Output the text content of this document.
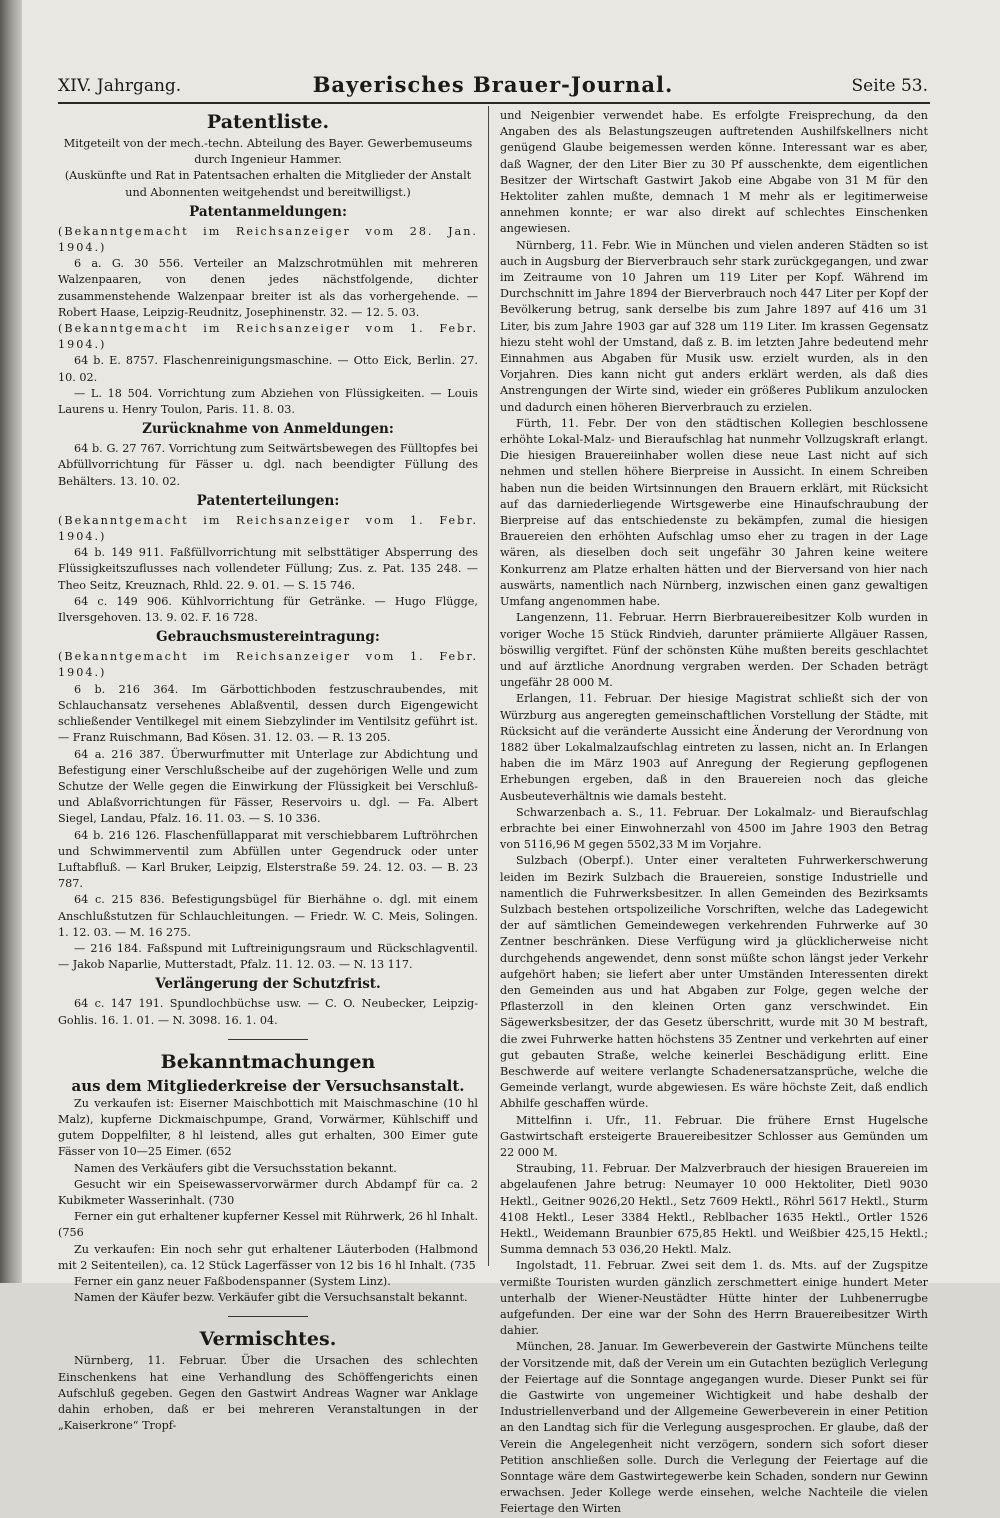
XIV. Jahrgang.	Bayerisches Brauer-Journal.	Seite 53.
Patentliste.

Mitgeteilt von der mech.-techn. Abteilung des Bayer. Gewerbemuseums durch Ingenieur Hammer.

(Auskünfte und Rat in Patentsachen erhalten die Mitglieder der Anstalt und Abonnenten weitgehendst und bereitwilligst.)

Patentanmeldungen:

(Bekanntgemacht im Reichsanzeiger vom 28. Jan. 1904.)

6 a. G. 30 556. Verteiler an Malzschrotmühlen mit mehreren Walzenpaaren, von denen jedes nächstfolgende, dichter zusammenstehende Walzenpaar breiter ist als das vorhergehende. — Robert Haase, Leipzig-Reudnitz, Josephinenstr. 32. — 12. 5. 03.

(Bekanntgemacht im Reichsanzeiger vom 1. Febr. 1904.)

64 b. E. 8757. Flaschenreinigungsmaschine. — Otto Eick, Berlin. 27. 10. 02.

— L. 18 504. Vorrichtung zum Abziehen von Flüssigkeiten. — Louis Laurens u. Henry Toulon, Paris. 11. 8. 03.

Zurücknahme von Anmeldungen:

64 b. G. 27 767. Vorrichtung zum Seitwärtsbewegen des Fülltopfes bei Abfüllvorrichtung für Fässer u. dgl. nach beendigter Füllung des Behälters. 13. 10. 02.

Patenterteilungen:

(Bekanntgemacht im Reichsanzeiger vom 1. Febr. 1904.)

64 b. 149 911. Faßfüllvorrichtung mit selbsttätiger Absperrung des Flüssigkeitszuflusses nach vollendeter Füllung; Zus. z. Pat. 135 248. — Theo Seitz, Kreuznach, Rhld. 22. 9. 01. — S. 15 746.

64 c. 149 906. Kühlvorrichtung für Getränke. — Hugo Flügge, Ilversgehoven. 13. 9. 02. F. 16 728.

Gebrauchsmustereintragung:

(Bekanntgemacht im Reichsanzeiger vom 1. Febr. 1904.)

6 b. 216 364. Im Gärbottichboden festzuschraubendes, mit Schlauchansatz versehenes Ablaßventil, dessen durch Eigengewicht schließender Ventilkegel mit einem Siebzylinder im Ventilsitz geführt ist. — Franz Ruischmann, Bad Kösen. 31. 12. 03. — R. 13 205.

64 a. 216 387. Überwurfmutter mit Unterlage zur Abdichtung und Befestigung einer Verschlußscheibe auf der zugehörigen Welle und zum Schutze der Welle gegen die Einwirkung der Flüssigkeit bei Verschluß- und Ablaßvorrichtungen für Fässer, Reservoirs u. dgl. — Fa. Albert Siegel, Landau, Pfalz. 16. 11. 03. — S. 10 336.

64 b. 216 126. Flaschenfüllapparat mit verschiebbarem Luftröhrchen und Schwimmerventil zum Abfüllen unter Gegendruck oder unter Luftabfluß. — Karl Bruker, Leipzig, Elsterstraße 59. 24. 12. 03. — B. 23 787.

64 c. 215 836. Befestigungsbügel für Bierhähne o. dgl. mit einem Anschlußstutzen für Schlauchleitungen. — Friedr. W. C. Meis, Solingen. 1. 12. 03. — M. 16 275.

— 216 184. Faßspund mit Luftreinigungsraum und Rückschlagventil. — Jakob Naparlie, Mutterstadt, Pfalz. 11. 12. 03. — N. 13 117.

Verlängerung der Schutzfrist.

64 c. 147 191. Spundlochbüchse usw. — C. O. Neubecker, Leipzig-Gohlis. 16. 1. 01. — N. 3098. 16. 1. 04.

Bekanntmachungen
aus dem Mitgliederkreise der Versuchsanstalt.

Zu verkaufen ist: Eiserner Maischbottich mit Maischmaschine (10 hl Malz), kupferne Dickmaischpumpe, Grand, Vorwärmer, Kühlschiff und gutem Doppelfilter, 8 hl leistend, alles gut erhalten, 300 Eimer gute Fässer von 10—25 Eimer. (652

Namen des Verkäufers gibt die Versuchsstation bekannt.

Gesucht wir ein Speisewasservorwärmer durch Abdampf für ca. 2 Kubikmeter Wasserinhalt. (730

Ferner ein gut erhaltener kupferner Kessel mit Rührwerk, 26 hl Inhalt. (756

Zu verkaufen: Ein noch sehr gut erhaltener Läuterboden (Halbmond mit 2 Seitenteilen), ca. 12 Stück Lagerfässer von 12 bis 16 hl Inhalt. (735

Ferner ein ganz neuer Faßbodenspanner (System Linz).

Namen der Käufer bezw. Verkäufer gibt die Versuchsanstalt bekannt.

Vermischtes.

Nürnberg, 11. Februar. Über die Ursachen des schlechten Einschenkens hat eine Verhandlung des Schöffengerichts einen Aufschluß gegeben. Gegen den Gastwirt Andreas Wagner war Anklage dahin erhoben, daß er bei mehreren Veranstaltungen in der „Kaiserkrone“ Tropf-

und Neigenbier verwendet habe. Es erfolgte Freisprechung, da den Angaben des als Belastungszeugen auftretenden Aushilfskellners nicht genügend Glaube beigemessen werden könne. Interessant war es aber, daß Wagner, der den Liter Bier zu 30 Pf ausschenkte, dem eigentlichen Besitzer der Wirtschaft Gastwirt Jakob eine Abgabe von 31 M für den Hektoliter zahlen mußte, demnach 1 M mehr als er legitimerweise annehmen konnte; er war also direkt auf schlechtes Einschenken angewiesen.

Nürnberg, 11. Febr. Wie in München und vielen anderen Städten so ist auch in Augsburg der Bierverbrauch sehr stark zurückgegangen, und zwar im Zeitraume von 10 Jahren um 119 Liter per Kopf. Während im Durchschnitt im Jahre 1894 der Bierverbrauch noch 447 Liter per Kopf der Bevölkerung betrug, sank derselbe bis zum Jahre 1897 auf 416 um 31 Liter, bis zum Jahre 1903 gar auf 328 um 119 Liter. Im krassen Gegensatz hiezu steht wohl der Umstand, daß z. B. im letzten Jahre bedeutend mehr Einnahmen aus Abgaben für Musik usw. erzielt wurden, als in den Vorjahren. Dies kann nicht gut anders erklärt werden, als daß dies Anstrengungen der Wirte sind, wieder ein größeres Publikum anzulocken und dadurch einen höheren Bierverbrauch zu erzielen.

Fürth, 11. Febr. Der von den städtischen Kollegien beschlossene erhöhte Lokal-Malz- und Bieraufschlag hat nunmehr Vollzugskraft erlangt. Die hiesigen Brauereiinhaber wollen diese neue Last nicht auf sich nehmen und stellen höhere Bierpreise in Aussicht. In einem Schreiben haben nun die beiden Wirtsinnungen den Brauern erklärt, mit Rücksicht auf das darniederliegende Wirtsgewerbe eine Hinaufschraubung der Bierpreise auf das entschiedenste zu bekämpfen, zumal die hiesigen Brauereien den erhöhten Aufschlag umso eher zu tragen in der Lage wären, als dieselben doch seit ungefähr 30 Jahren keine weitere Konkurrenz am Platze erhalten hätten und der Bierversand von hier nach auswärts, namentlich nach Nürnberg, inzwischen einen ganz gewaltigen Umfang angenommen habe.

Langenzenn, 11. Februar. Herrn Bierbrauereibesitzer Kolb wurden in voriger Woche 15 Stück Rindvieh, darunter prämiierte Allgäuer Rassen, böswillig vergiftet. Fünf der schönsten Kühe mußten bereits geschlachtet und auf ärztliche Anordnung vergraben werden. Der Schaden beträgt ungefähr 28 000 M.

Erlangen, 11. Februar. Der hiesige Magistrat schließt sich der von Würzburg aus angeregten gemeinschaftlichen Vorstellung der Städte, mit Rücksicht auf die veränderte Aussicht eine Änderung der Verordnung von 1882 über Lokalmalzaufschlag eintreten zu lassen, nicht an. In Erlangen haben die im März 1903 auf Anregung der Regierung gepflogenen Erhebungen ergeben, daß in den Brauereien noch das gleiche Ausbeuteverhältnis wie damals besteht.

Schwarzenbach a. S., 11. Februar. Der Lokalmalz- und Bieraufschlag erbrachte bei einer Einwohnerzahl von 4500 im Jahre 1903 den Betrag von 5116,96 M gegen 5502,33 M im Vorjahre.

Sulzbach (Oberpf.). Unter einer veralteten Fuhrwerkerschwerung leiden im Bezirk Sulzbach die Brauereien, sonstige Industrielle und namentlich die Fuhrwerksbesitzer. In allen Gemeinden des Bezirksamts Sulzbach bestehen ortspolizeiliche Vorschriften, welche das Ladegewicht der auf sämtlichen Gemeindewegen verkehrenden Fuhrwerke auf 30 Zentner beschränken. Diese Verfügung wird ja glücklicherweise nicht durchgehends angewendet, denn sonst müßte schon längst jeder Verkehr aufgehört haben; sie liefert aber unter Umständen Interessenten direkt den Gemeinden aus und hat Abgaben zur Folge, gegen welche der Pflasterzoll in den kleinen Orten ganz verschwindet. Ein Sägewerksbesitzer, der das Gesetz überschritt, wurde mit 30 M bestraft, die zwei Fuhrwerke hatten höchstens 35 Zentner und verkehrten auf einer gut gebauten Straße, welche keinerlei Beschädigung erlitt. Eine Beschwerde auf weitere verlangte Schadenersatzansprüche, welche die Gemeinde verlangt, wurde abgewiesen. Es wäre höchste Zeit, daß endlich Abhilfe geschaffen würde.

Mittelfinn i. Ufr., 11. Februar. Die frühere Ernst Hugelsche Gastwirtschaft ersteigerte Brauereibesitzer Schlosser aus Gemünden um 22 000 M.

Straubing, 11. Februar. Der Malzverbrauch der hiesigen Brauereien im abgelaufenen Jahre betrug: Neumayer 10 000 Hektoliter, Dietl 9030 Hektl., Geitner 9026,20 Hektl., Setz 7609 Hektl., Röhrl 5617 Hektl., Sturm 4108 Hektl., Leser 3384 Hektl., Reblbacher 1635 Hektl., Ortler 1526 Hektl., Weidemann Braunbier 675,85 Hektl. und Weißbier 425,15 Hektl.; Summa demnach 53 036,20 Hektl. Malz.

Ingolstadt, 11. Februar. Zwei seit dem 1. ds. Mts. auf der Zugspitze vermißte Touristen wurden gänzlich zerschmettert einige hundert Meter unterhalb der Wiener-Neustädter Hütte hinter der Luhbenerrugbe aufgefunden. Der eine war der Sohn des Herrn Brauereibesitzer Wirth dahier.

München, 28. Januar. Im Gewerbeverein der Gastwirte Münchens teilte der Vorsitzende mit, daß der Verein um ein Gutachten bezüglich Verlegung der Feiertage auf die Sonntage angegangen wurde. Dieser Punkt sei für die Gastwirte von ungemeiner Wichtigkeit und habe deshalb der Industriellenverband und der Allgemeine Gewerbeverein in einer Petition an den Landtag sich für die Verlegung ausgesprochen. Er glaube, daß der Verein die Angelegenheit nicht verzögern, sondern sich sofort dieser Petition anschließen solle. Durch die Verlegung der Feiertage auf die Sonntage wäre dem Gastwirtegewerbe kein Schaden, sondern nur Gewinn erwachsen. Jeder Kollege werde einsehen, welche Nachteile die vielen Feiertage den Wirten
